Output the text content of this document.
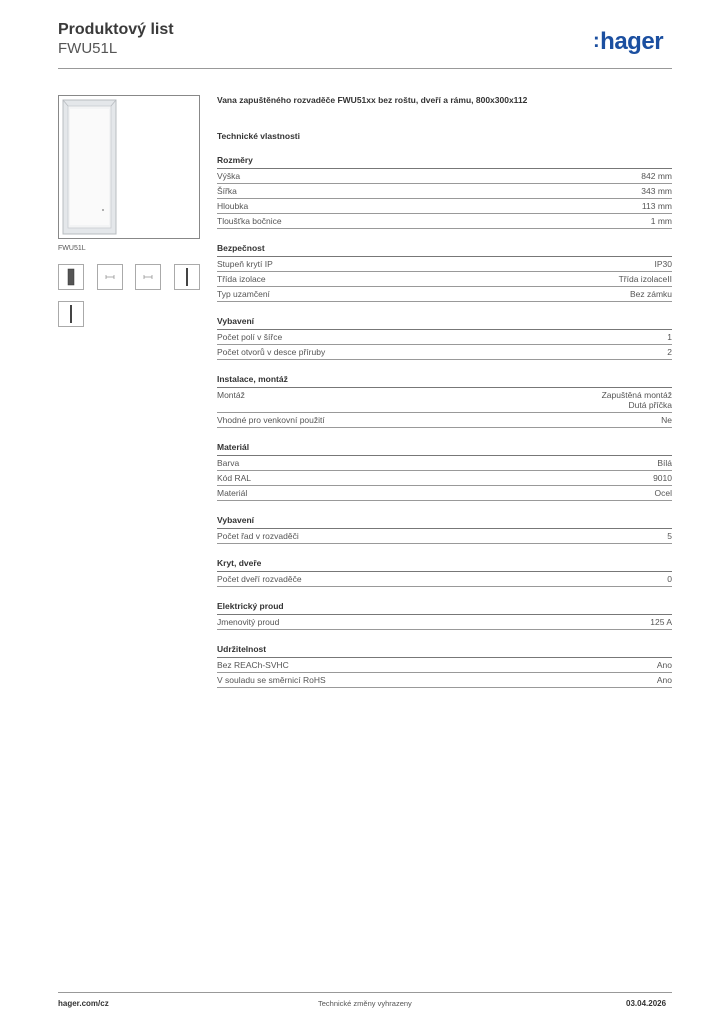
Produktový list
FWU51L	:hager
FWU51L
Vana zapuštěného rozvaděče FWU51xx bez roštu, dveří a rámu, 800x300x112
Technické vlastnosti
Rozměry
Výška	842 mm
Šířka	343 mm
Hloubka	113 mm
Tloušťka bočnice	1 mm
Bezpečnost
Stupeň krytí IP	IP30
Třída izolace	Třída izolaceII
Typ uzamčení	Bez zámku
Vybavení
Počet polí v šířce	1
Počet otvorů v desce příruby	2
Instalace, montáž
Montáž	Zapuštěná montáž
Dutá příčka
Vhodné pro venkovní použití	Ne
Materiál
Barva	Bílá
Kód RAL	9010
Materiál	Ocel
Vybavení
Počet řad v rozvaděči	5
Kryt, dveře
Počet dveří rozvaděče	0
Elektrický proud
Jmenovitý proud	125 A
Udržitelnost
Bez REACh-SVHC	Ano
V souladu se směrnicí RoHS	Ano
hager.com/cz	Technické změny vyhrazeny	03.04.2026
